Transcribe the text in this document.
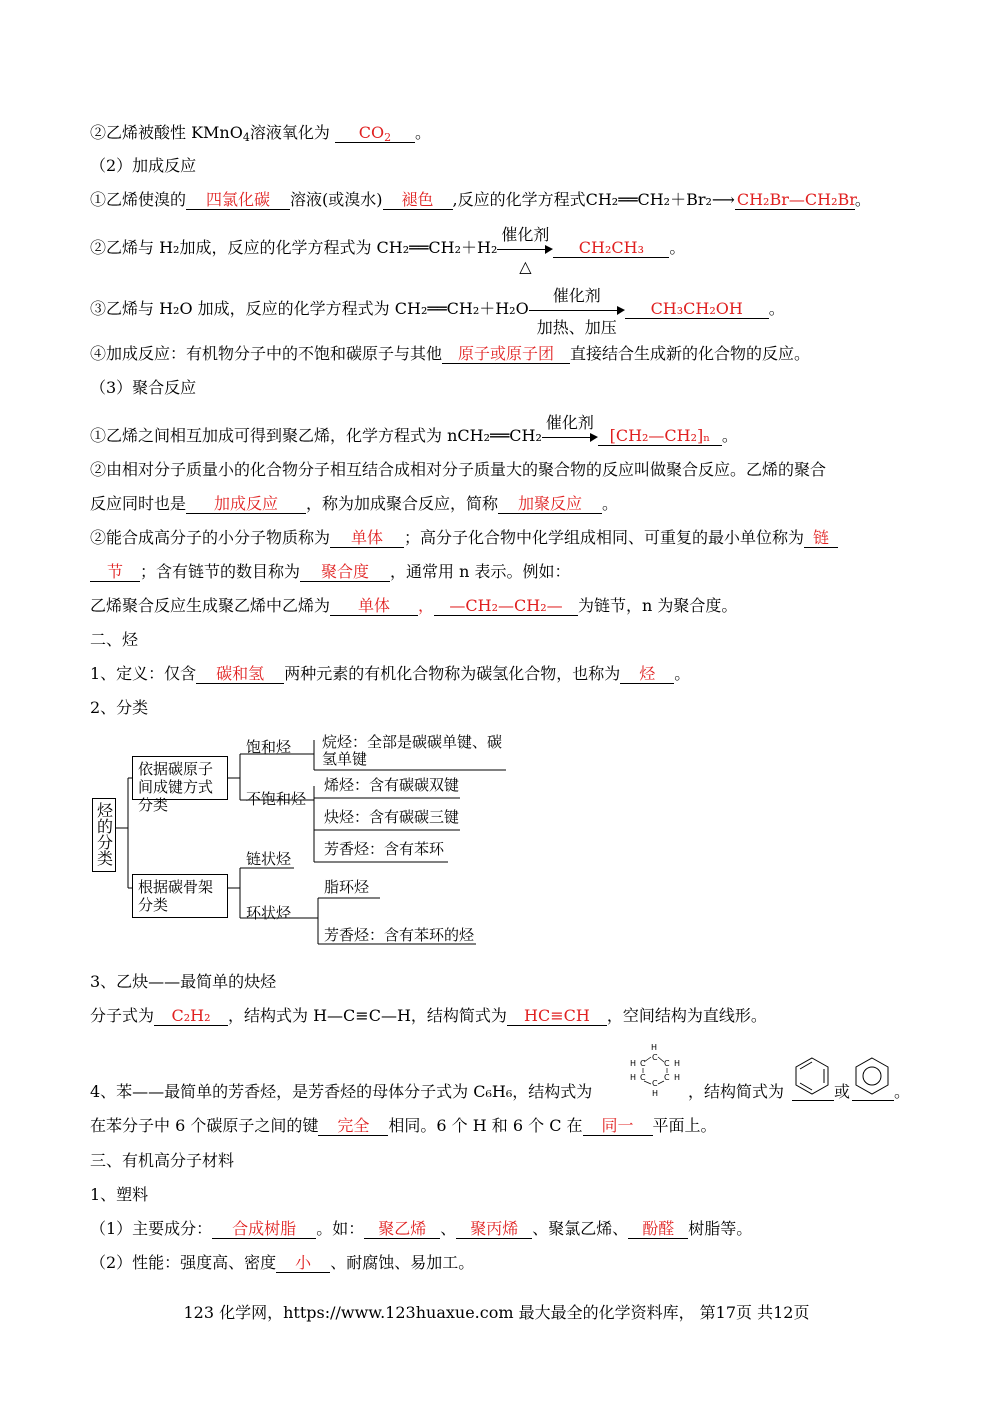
②乙烯被酸性 KMnO$_4$溶液氧化为 $CO_2$ 。
（2）加成反应
①乙烯使溴的 四氯化碳 溶液(或溴水) 褪色 ,反应的化学方程式CH₂══CH₂＋Br₂⟶ CH₂Br—CH₂Br。
②乙烯与 H₂加成，反应的化学方程式为 CH₂══CH₂＋H₂
催化剂
△
CH₂CH₃ 。
③乙烯与 H₂O 加成，反应的化学方程式为 CH₂══CH₂＋H₂O
催化剂
加热、加压
CH₃CH₂OH 。
④加成反应：有机物分子中的不饱和碳原子与其他 原子或原子团 直接结合生成新的化合物的反应。
（3）聚合反应
①乙烯之间相互加成可得到聚乙烯，化学方程式为 nCH₂══CH₂
催化剂
[CH₂—CH₂]ₙ 。
②由相对分子质量小的化合物分子相互结合成相对分子质量大的聚合物的反应叫做聚合反应。乙烯的聚合
反应同时也是 加成反应 ，称为加成聚合反应，简称 加聚反应 。
②能合成高分子的小分子物质称为 单体 ；高分子化合物中化学组成相同、可重复的最小单位称为 链
节 ；含有链节的数目称为 聚合度 ，通常用 n 表示。例如：
乙烯聚合反应生成聚乙烯中乙烯为 单体 ， —CH₂—CH₂— 为链节，n 为聚合度。
二、烃
1、定义：仅含 碳和氢 两种元素的有机化合物称为碳氢化合物，也称为 烃 。
2、分类
烃的分类
依据碳原子间成键方式分类
根据碳骨架分类
饱和烃
不饱和烃
烷烃：全部是碳碳单键、碳氢单键
烯烃：含有碳碳双键
炔烃：含有碳碳三键
芳香烃：含有苯环
链状烃
环状烃
脂环烃
芳香烃：含有苯环的烃
3、乙炔——最简单的炔烃
分子式为 C₂H₂ ，结构式为 H—C≡C—H，结构简式为 HC≡CH ，空间结构为直线形。
4、苯——最简单的芳香烃，是芳香烃的母体分子式为 C₆H₆，结构式为
H
C
H C C H
H C C H
C
H ，结构简式为	或	。
在苯分子中 6 个碳原子之间的键 完全 相同。6 个 H 和 6 个 C 在 同一 平面上。
三、有机高分子材料
1、塑料
（1）主要成分： 合成树脂 。如： 聚乙烯 、 聚丙烯 、聚氯乙烯、 酚醛 树脂等。
（2）性能：强度高、密度 小 、耐腐蚀、易加工。
123 化学网，https://www.123huaxue.com 最大最全的化学资料库， 第17页 共12页
